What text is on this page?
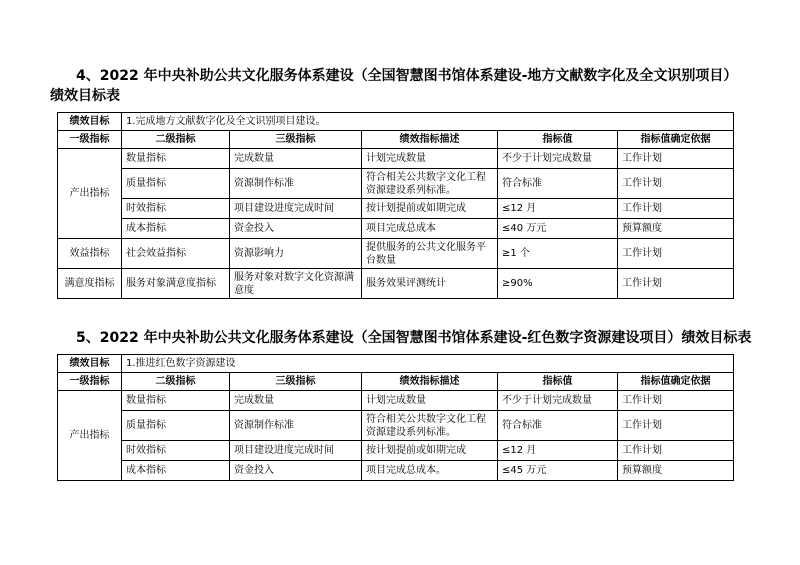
4、2022 年中央补助公共文化服务体系建设（全国智慧图书馆体系建设-地方文献数字化及全文识别项目）绩效目标表
绩效目标	1.完成地方文献数字化及全文识别项目建设。				
一级指标	二级指标	三级指标	绩效指标描述	指标值	指标值确定依据
产出指标	数量指标	完成数量	计划完成数量	不少于计划完成数量	工作计划
	质量指标	资源制作标准	符合相关公共数字文化工程资源建设系列标准。	符合标准	工作计划
	时效指标	项目建设进度完成时间	按计划提前或如期完成	≤12 月	工作计划
	成本指标	资金投入	项目完成总成本	≤40 万元	预算额度
效益指标	社会效益指标	资源影响力	提供服务的公共文化服务平台数量	≥1 个	工作计划
满意度指标	服务对象满意度指标	服务对象对数字文化资源满意度	服务效果评测统计	≥90%	工作计划
5、2022 年中央补助公共文化服务体系建设（全国智慧图书馆体系建设-红色数字资源建设项目）绩效目标表
绩效目标	1.推进红色数字资源建设				
一级指标	二级指标	三级指标	绩效指标描述	指标值	指标值确定依据
产出指标	数量指标	完成数量	计划完成数量	不少于计划完成数量	工作计划
	质量指标	资源制作标准	符合相关公共数字文化工程资源建设系列标准。	符合标准	工作计划
	时效指标	项目建设进度完成时间	按计划提前或如期完成	≤12 月	工作计划
	成本指标	资金投入	项目完成总成本。	≤45 万元	预算额度
